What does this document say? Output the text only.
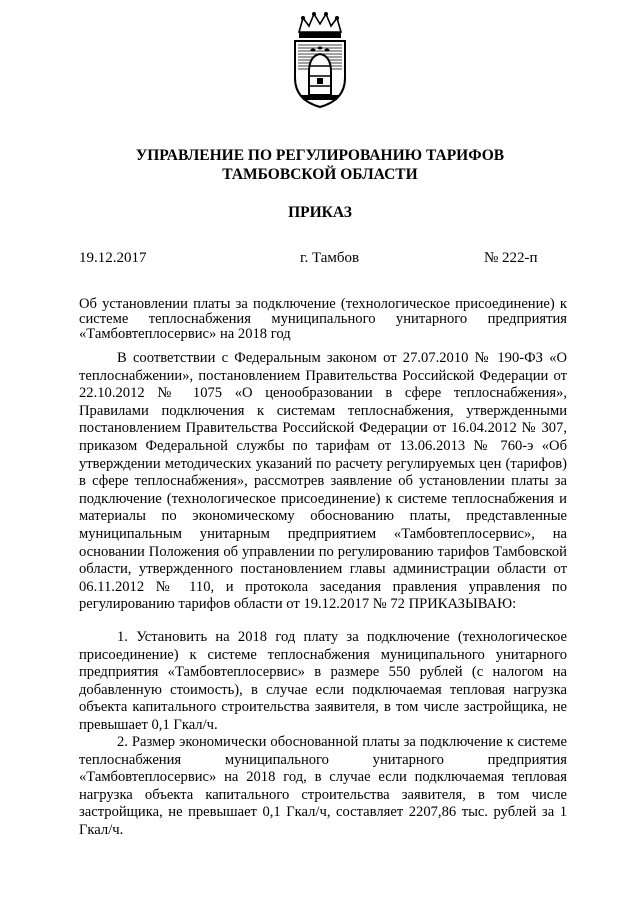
УПРАВЛЕНИЕ ПО РЕГУЛИРОВАНИЮ ТАРИФОВ
ТАМБОВСКОЙ ОБЛАСТИ
ПРИКАЗ
19.12.2017	г. Тамбов	№ 222-п
Об установлении платы за подключение (технологическое присоединение) к системе теплоснабжения муниципального унитарного предприятия «Тамбовтеплосервис» на 2018 год
В соответствии с Федеральным законом от 27.07.2010 № 190-ФЗ «О теплоснабжении», постановлением Правительства Российской Федерации от 22.10.2012 № 1075 «О ценообразовании в сфере теплоснабжения», Правилами подключения к системам теплоснабжения, утвержденными постановлением Правительства Российской Федерации от 16.04.2012 № 307, приказом Федеральной службы по тарифам от 13.06.2013 № 760-э «Об утверждении методических указаний по расчету регулируемых цен (тарифов) в сфере теплоснабжения», рассмотрев заявление об установлении платы за подключение (технологическое присоединение) к системе теплоснабжения и материалы по экономическому обоснованию платы, представленные муниципальным унитарным предприятием «Тамбовтеплосервис», на основании Положения об управлении по регулированию тарифов Тамбовской области, утвержденного постановлением главы администрации области от 06.11.2012 № 110, и протокола заседания правления управления по регулированию тарифов области от 19.12.2017 № 72 ПРИКАЗЫВАЮ:
1. Установить на 2018 год плату за подключение (технологическое присоединение) к системе теплоснабжения муниципального унитарного предприятия «Тамбовтеплосервис» в размере 550 рублей (с налогом на добавленную стоимость), в случае если подключаемая тепловая нагрузка объекта капитального строительства заявителя, в том числе застройщика, не превышает 0,1 Гкал/ч.
2. Размер экономически обоснованной платы за подключение к системе теплоснабжения муниципального унитарного предприятия «Тамбовтеплосервис» на 2018 год, в случае если подключаемая тепловая нагрузка объекта капитального строительства заявителя, в том числе застройщика, не превышает 0,1 Гкал/ч, составляет 2207,86 тыс. рублей за 1 Гкал/ч.
